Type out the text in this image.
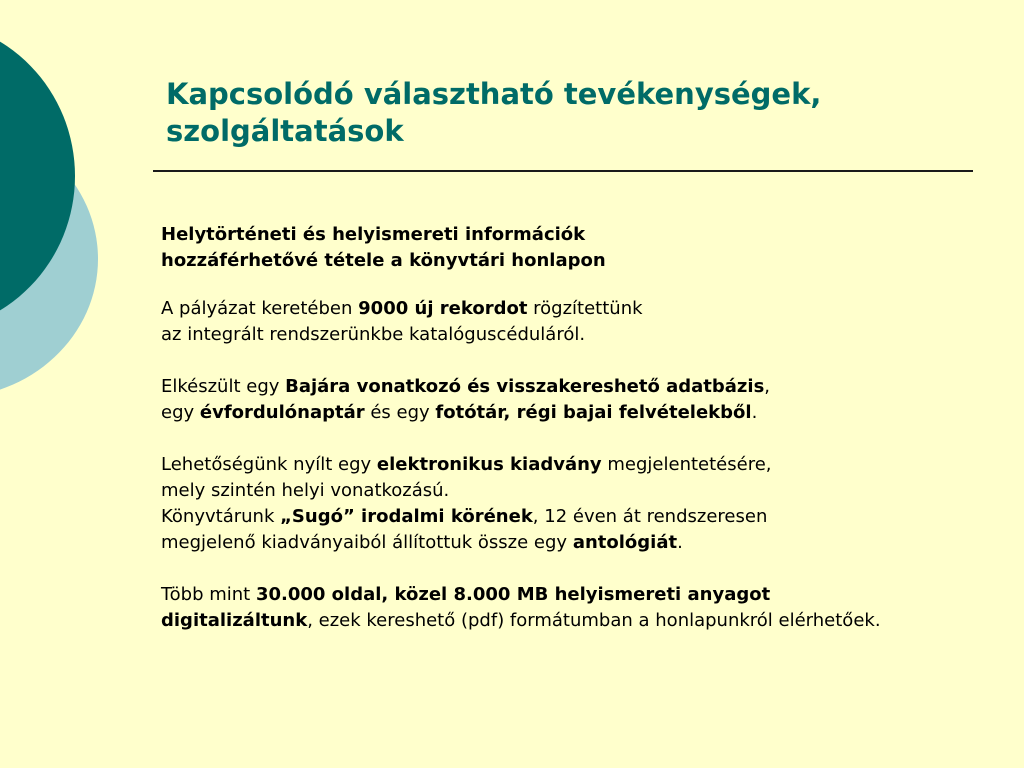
Kapcsolódó választható tevékenységek,
szolgáltatások

Helytörténeti és helyismereti információk
hozzáférhetővé tétele a könyvtári honlapon

A pályázat keretében 9000 új rekordot rögzítettünk
az integrált rendszerünkbe katalóguscéduláról.

Elkészült egy Bajára vonatkozó és visszakereshető adatbázis,
egy évfordulónaptár és egy fotótár, régi bajai felvételekből.

Lehetőségünk nyílt egy elektronikus kiadvány megjelentetésére,
mely szintén helyi vonatkozású.
Könyvtárunk „Sugó” irodalmi körének, 12 éven át rendszeresen
megjelenő kiadványaiból állítottuk össze egy antológiát.

Több mint 30.000 oldal, közel 8.000 MB helyismereti anyagot
digitalizáltunk, ezek kereshető (pdf) formátumban a honlapunkról elérhetőek.
